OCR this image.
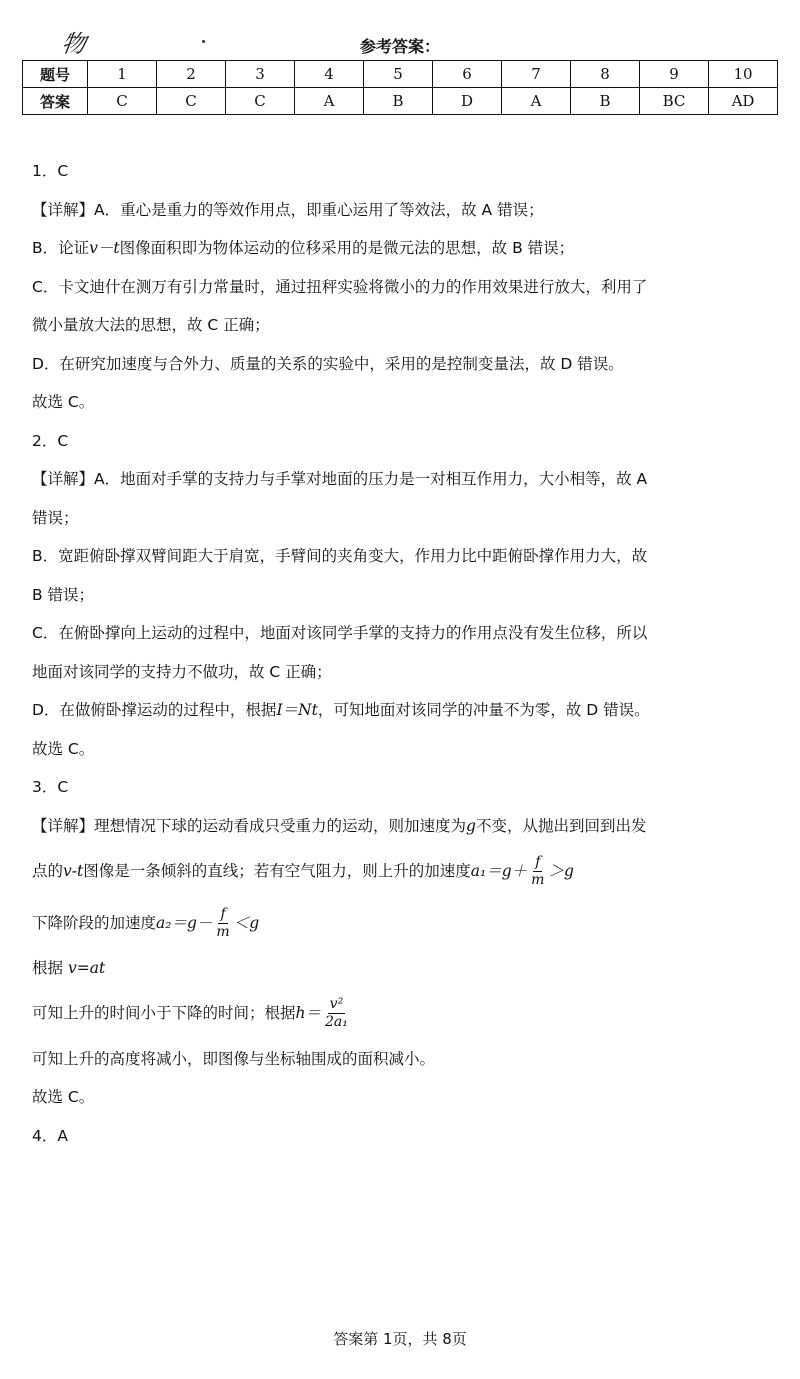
物	参考答案：
题号	1	2	3	4	5	6	7	8	9	10
答案	C	C	C	A	B	D	A	B	BC	AD
1．C
【详解】A．重心是重力的等效作用点，即重心运用了等效法，故 A 错误；
B．论证v－t图像面积即为物体运动的位移采用的是微元法的思想，故 B 错误；
C．卡文迪什在测万有引力常量时，通过扭秤实验将微小的力的作用效果进行放大，利用了
微小量放大法的思想，故 C 正确；
D．在研究加速度与合外力、质量的关系的实验中，采用的是控制变量法，故 D 错误。
故选 C。
2．C
【详解】A．地面对手掌的支持力与手掌对地面的压力是一对相互作用力，大小相等，故 A
错误；
B．宽距俯卧撑双臂间距大于肩宽，手臂间的夹角变大，作用力比中距俯卧撑作用力大，故
B 错误；
C．在俯卧撑向上运动的过程中，地面对该同学手掌的支持力的作用点没有发生位移，所以
地面对该同学的支持力不做功，故 C 正确；
D．在做俯卧撑运动的过程中，根据I＝Nt，可知地面对该同学的冲量不为零，故 D 错误。
故选 C。
3．C
【详解】理想情况下球的运动看成只受重力的运动，则加速度为g不变，从抛出到回到出发
点的 v-t 图像是一条倾斜的直线；若有空气阻力，则上升的加速度 $a_1=g+ \frac{f}{m} >g$
下降阶段的加速度 $a_2=g- \frac{f}{m} <g$
根据 v=at
可知上升的时间小于下降的时间；根据 $h= \frac{\text{v²}}{\text{2a₁}}$
可知上升的高度将减小，即图像与坐标轴围成的面积减小。
故选 C。
4．A
答案第 1页，共 8页
